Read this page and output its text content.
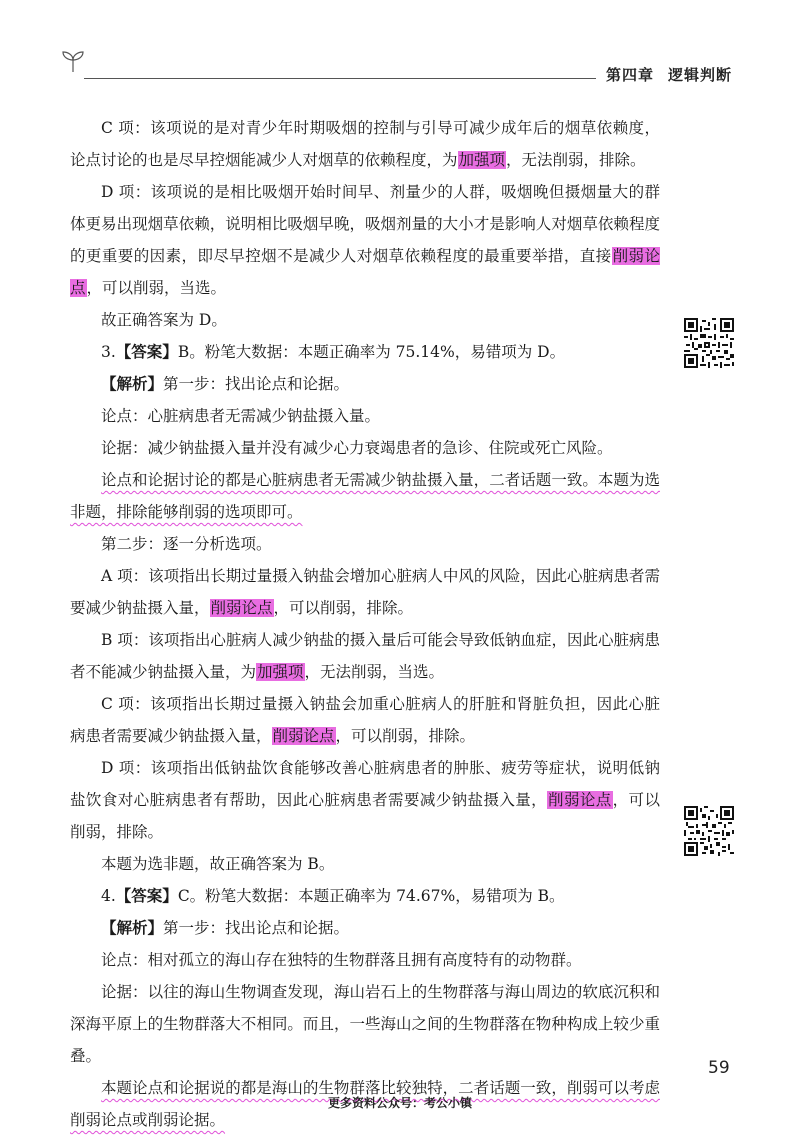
第四章 逻辑判断

C 项：该项说的是对青少年时期吸烟的控制与引导可减少成年后的烟草依赖度，论点讨论的也是尽早控烟能减少人对烟草的依赖程度，为加强项，无法削弱，排除。

D 项：该项说的是相比吸烟开始时间早、剂量少的人群，吸烟晚但摄烟量大的群体更易出现烟草依赖，说明相比吸烟早晚，吸烟剂量的大小才是影响人对烟草依赖程度的更重要的因素，即尽早控烟不是减少人对烟草依赖程度的最重要举措，直接削弱论点，可以削弱，当选。

故正确答案为 D。

3.【答案】B。粉笔大数据：本题正确率为 75.14%，易错项为 D。

【解析】第一步：找出论点和论据。

论点：心脏病患者无需减少钠盐摄入量。

论据：减少钠盐摄入量并没有减少心力衰竭患者的急诊、住院或死亡风险。

论点和论据讨论的都是心脏病患者无需减少钠盐摄入量，二者话题一致。本题为选非题，排除能够削弱的选项即可。

第二步：逐一分析选项。

A 项：该项指出长期过量摄入钠盐会增加心脏病人中风的风险，因此心脏病患者需要减少钠盐摄入量，削弱论点，可以削弱，排除。

B 项：该项指出心脏病人减少钠盐的摄入量后可能会导致低钠血症，因此心脏病患者不能减少钠盐摄入量，为加强项，无法削弱，当选。

C 项：该项指出长期过量摄入钠盐会加重心脏病人的肝脏和肾脏负担，因此心脏病患者需要减少钠盐摄入量，削弱论点，可以削弱，排除。

D 项：该项指出低钠盐饮食能够改善心脏病患者的肿胀、疲劳等症状，说明低钠盐饮食对心脏病患者有帮助，因此心脏病患者需要减少钠盐摄入量，削弱论点，可以削弱，排除。

本题为选非题，故正确答案为 B。

4.【答案】C。粉笔大数据：本题正确率为 74.67%，易错项为 B。

【解析】第一步：找出论点和论据。

论点：相对孤立的海山存在独特的生物群落且拥有高度特有的动物群。

论据：以往的海山生物调查发现，海山岩石上的生物群落与海山周边的软底沉积和深海平原上的生物群落大不相同。而且，一些海山之间的生物群落在物种构成上较少重叠。

本题论点和论据说的都是海山的生物群落比较独特，二者话题一致，削弱可以考虑削弱论点或削弱论据。

59
更多资料公众号：考公小镇
